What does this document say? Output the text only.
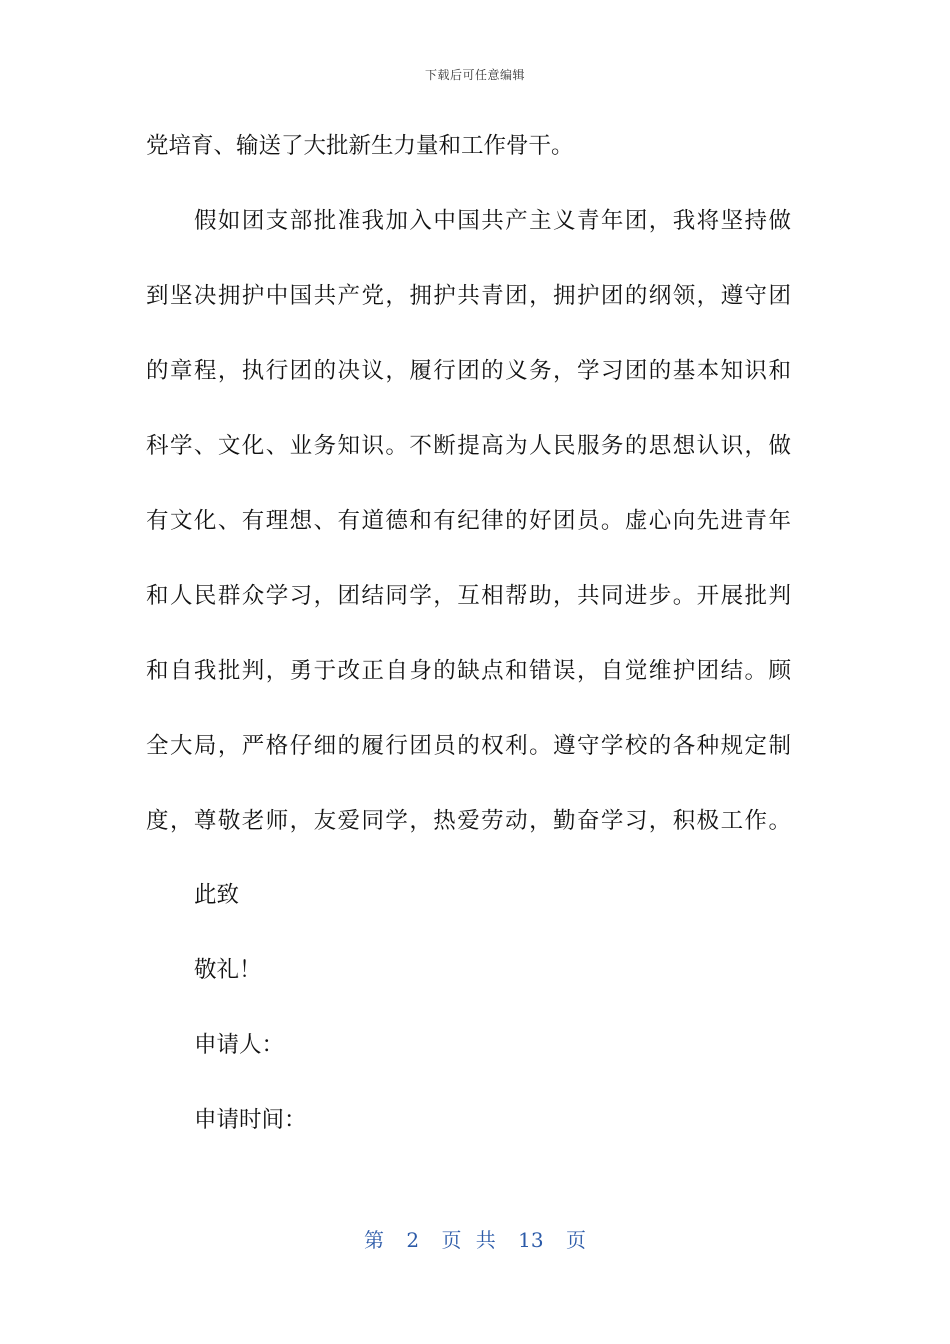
下载后可任意编辑
党培育、输送了大批新生力量和工作骨干。
假如团支部批准我加入中国共产主义青年团，我将坚持做
到坚决拥护中国共产党，拥护共青团，拥护团的纲领，遵守团
的章程，执行团的决议，履行团的义务，学习团的基本知识和
科学、文化、业务知识。不断提高为人民服务的思想认识，做
有文化、有理想、有道德和有纪律的好团员。虚心向先进青年
和人民群众学习，团结同学，互相帮助，共同进步。开展批判
和自我批判，勇于改正自身的缺点和错误，自觉维护团结。顾
全大局，严格仔细的履行团员的权利。遵守学校的各种规定制
度，尊敬老师，友爱同学，热爱劳动，勤奋学习，积极工作。

此致

敬礼！

申请人：

申请时间：

第 2 页 共 13 页
